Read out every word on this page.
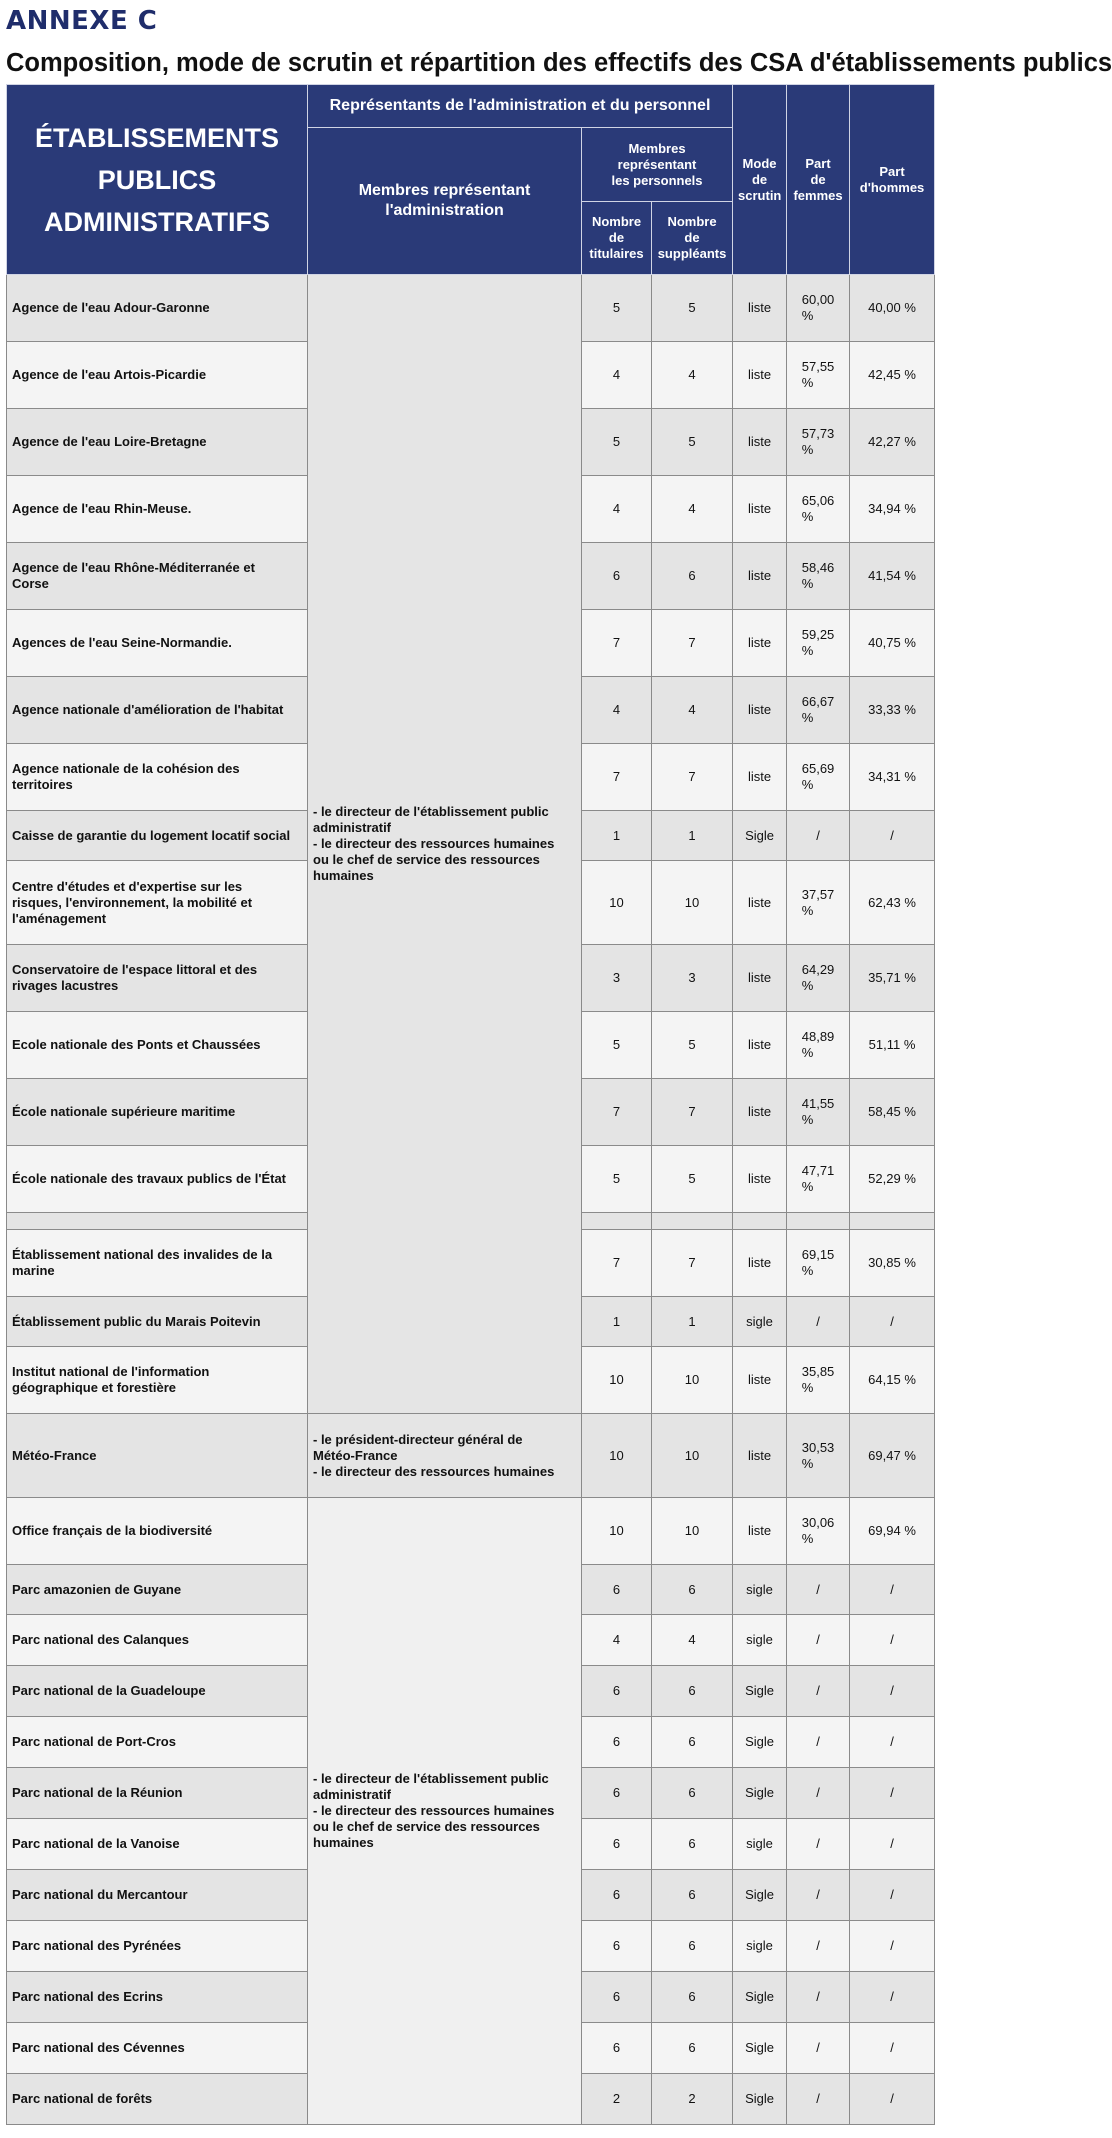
ANNEXE C
Composition, mode de scrutin et répartition des effectifs des CSA d'établissements publics
ÉTABLISSEMENTS
PUBLICS
ADMINISTRATIFS	Représentants de l'administration et du personnel			Mode
de
scrutin	Part
de
femmes	Part
d'hommes

	Membres représentant
l'administration	Membres
représentant
les personnels				

		Nombre
de
titulaires	Nombre
de
suppléants			

Agence de l'eau Adour-Garonne	- le directeur de l'établissement public
administratif
- le directeur des ressources humaines
ou le chef de service des ressources
humaines	5	5	liste	60,00
%	40,00 %

Agence de l'eau Artois-Picardie		4	4	liste	57,55
%	42,45 %

Agence de l'eau Loire-Bretagne		5	5	liste	57,73
%	42,27 %

Agence de l'eau Rhin-Meuse.		4	4	liste	65,06
%	34,94 %

Agence de l'eau Rhône-Méditerranée et
Corse		6	6	liste	58,46
%	41,54 %

Agences de l'eau Seine-Normandie.		7	7	liste	59,25
%	40,75 %

Agence nationale d'amélioration de l'habitat		4	4	liste	66,67
%	33,33 %

Agence nationale de la cohésion des
territoires		7	7	liste	65,69
%	34,31 %

Caisse de garantie du logement locatif social		1	1	Sigle	/	/

Centre d'études et d'expertise sur les
risques, l'environnement, la mobilité et
l'aménagement		10	10	liste	37,57
%	62,43 %

Conservatoire de l'espace littoral et des
rivages lacustres		3	3	liste	64,29
%	35,71 %

Ecole nationale des Ponts et Chaussées		5	5	liste	48,89
%	51,11 %

École nationale supérieure maritime		7	7	liste	41,55
%	58,45 %

École nationale des travaux publics de l'État		5	5	liste	47,71
%	52,29 %

Établissement national des invalides de la
marine		7	7	liste	69,15
%	30,85 %

Établissement public du Marais Poitevin		1	1	sigle	/	/

Institut national de l'information
géographique et forestière		10	10	liste	35,85
%	64,15 %

Météo-France	- le président-directeur général de
Météo-France
- le directeur des ressources humaines	10	10	liste	30,53
%	69,47 %

Office français de la biodiversité	- le directeur de l'établissement public
administratif
- le directeur des ressources humaines
ou le chef de service des ressources
humaines	10	10	liste	30,06
%	69,94 %

Parc amazonien de Guyane		6	6	sigle	/	/

Parc national des Calanques		4	4	sigle	/	/

Parc national de la Guadeloupe		6	6	Sigle	/	/

Parc national de Port-Cros		6	6	Sigle	/	/

Parc national de la Réunion		6	6	Sigle	/	/

Parc national de la Vanoise		6	6	sigle	/	/

Parc national du Mercantour		6	6	Sigle	/	/

Parc national des Pyrénées		6	6	sigle	/	/

Parc national des Ecrins		6	6	Sigle	/	/

Parc national des Cévennes		6	6	Sigle	/	/

Parc national de forêts		2	2	Sigle	/	/
